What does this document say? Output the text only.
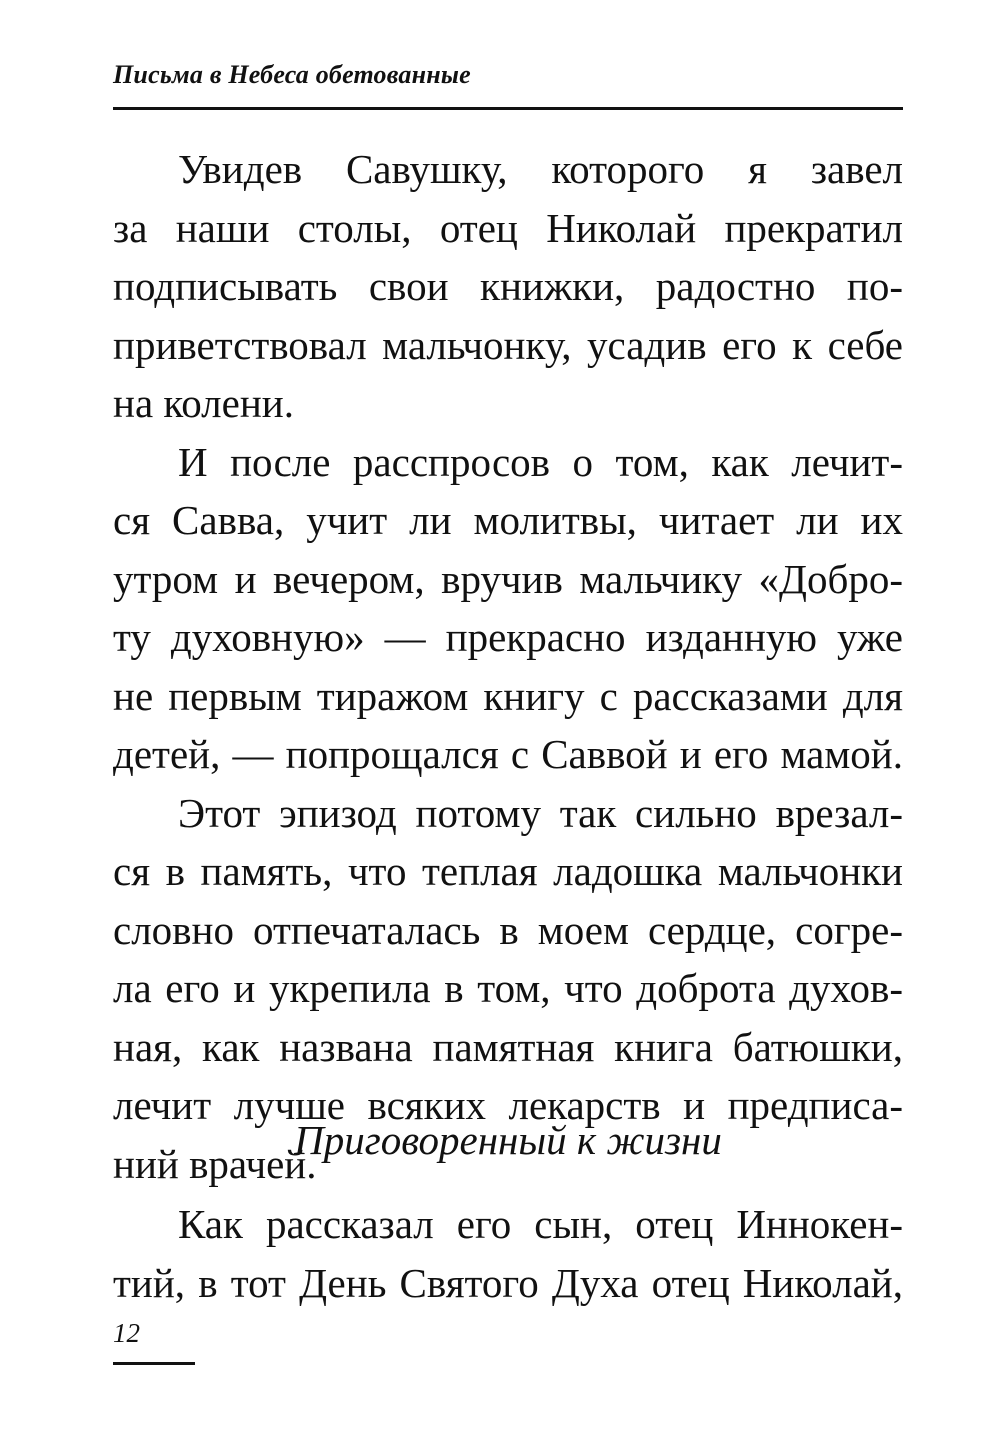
Письма в Небеса обетованные
Увидев Савушку, которого я завел
за наши столы, отец Николай прекратил
подписывать свои книжки, радостно по-
приветствовал мальчонку, усадив его к себе
на колени.
И после расспросов о том, как лечит-
ся Савва, учит ли молитвы, читает ли их
утром и вечером, вручив мальчику «Добро-
ту духовную» — прекрасно изданную уже
не первым тиражом книгу с рассказами для
детей, — попрощался с Саввой и его мамой.
Этот эпизод потому так сильно врезал-
ся в память, что теплая ладошка мальчонки
словно отпечаталась в моем сердце, согре-
ла его и укрепила в том, что доброта духов-
ная, как названа памятная книга батюшки,
лечит лучше всяких лекарств и предписа-
ний врачей.
Приговоренный к жизни
Как рассказал его сын, отец Иннокен-
тий, в тот День Святого Духа отец Николай,
12
